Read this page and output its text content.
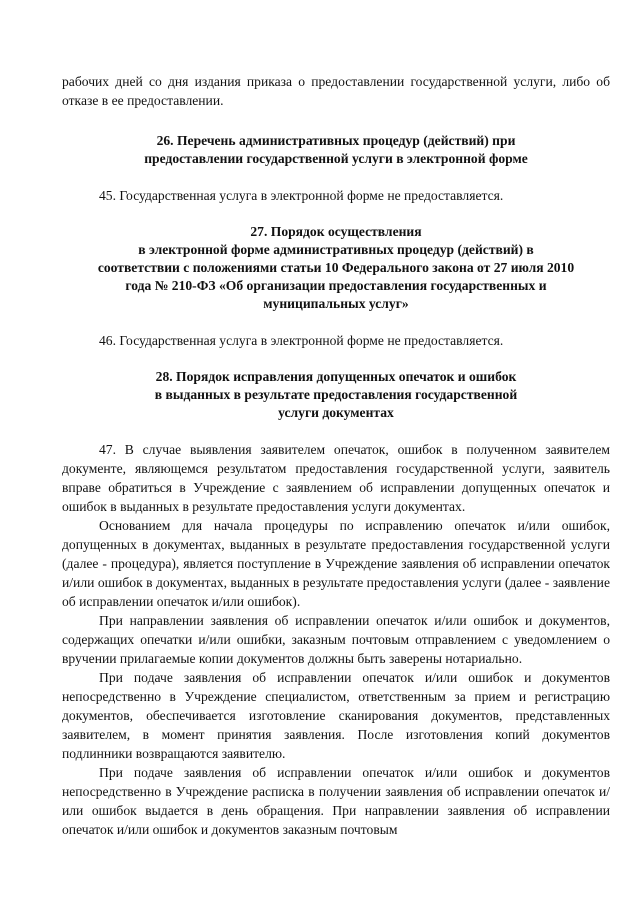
рабочих дней со дня издания приказа о предоставлении государственной услуги, либо об отказе в ее предоставлении.

26. Перечень административных процедур (действий) при
предоставлении государственной услуги в электронной форме

45. Государственная услуга в электронной форме не предоставляется.

27. Порядок осуществления
в электронной форме административных процедур (действий) в
соответствии с положениями статьи 10 Федерального закона от 27 июля 2010
года № 210-ФЗ «Об организации предоставления государственных и
муниципальных услуг»

46. Государственная услуга в электронной форме не предоставляется.

28. Порядок исправления допущенных опечаток и ошибок
в выданных в результате предоставления государственной
услуги документах

47. В случае выявления заявителем опечаток, ошибок в полученном заявителем документе, являющемся результатом предоставления государственной услуги, заявитель вправе обратиться в Учреждение с заявлением об исправлении допущенных опечаток и ошибок в выданных в результате предоставления услуги документах.

Основанием для начала процедуры по исправлению опечаток и/или ошибок, допущенных в документах, выданных в результате предоставления государственной услуги (далее - процедура), является поступление в Учреждение заявления об исправлении опечаток и/или ошибок в документах, выданных в результате предоставления услуги (далее - заявление об исправлении опечаток и/или ошибок).

При направлении заявления об исправлении опечаток и/или ошибок и документов, содержащих опечатки и/или ошибки, заказным почтовым отправлением с уведомлением о вручении прилагаемые копии документов должны быть заверены нотариально.

При подаче заявления об исправлении опечаток и/или ошибок и документов непосредственно в Учреждение специалистом, ответственным за прием и регистрацию документов, обеспечивается изготовление сканирования документов, представленных заявителем, в момент принятия заявления. После изготовления копий документов подлинники возвращаются заявителю.

При подаче заявления об исправлении опечаток и/или ошибок и документов непосредственно в Учреждение расписка в получении заявления об исправлении опечаток и/или ошибок выдается в день обращения. При направлении заявления об исправлении опечаток и/или ошибок и документов заказным почтовым
